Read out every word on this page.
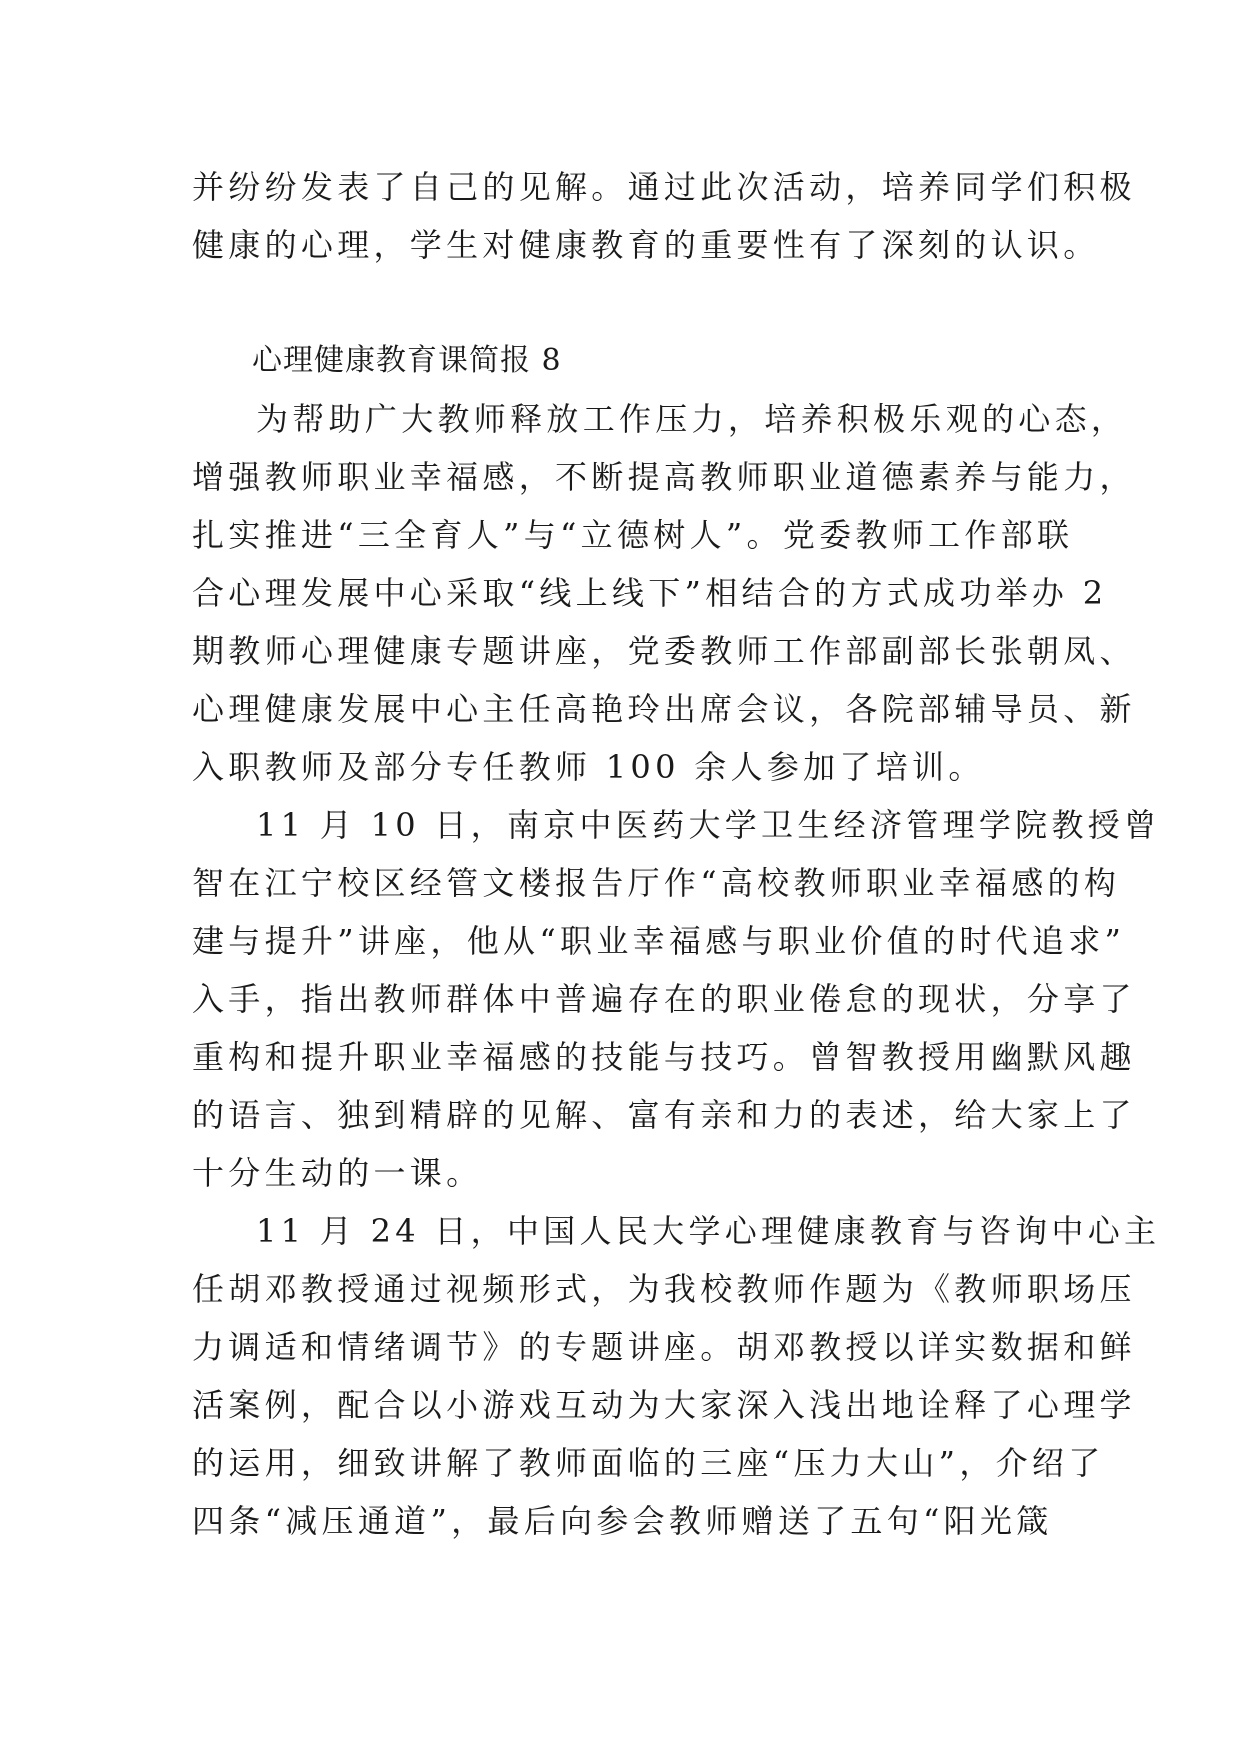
并纷纷发表了自己的见解。通过此次活动，培养同学们积极
健康的心理，学生对健康教育的重要性有了深刻的认识。
心理健康教育课简报 8
为帮助广大教师释放工作压力，培养积极乐观的心态，
增强教师职业幸福感，不断提高教师职业道德素养与能力，
扎实推进“三全育人”与“立德树人”。党委教师工作部联
合心理发展中心采取“线上线下”相结合的方式成功举办 2
期教师心理健康专题讲座，党委教师工作部副部长张朝凤、
心理健康发展中心主任高艳玲出席会议，各院部辅导员、新
入职教师及部分专任教师 100 余人参加了培训。
11 月 10 日，南京中医药大学卫生经济管理学院教授曾
智在江宁校区经管文楼报告厅作“高校教师职业幸福感的构
建与提升”讲座，他从“职业幸福感与职业价值的时代追求”
入手，指出教师群体中普遍存在的职业倦怠的现状，分享了
重构和提升职业幸福感的技能与技巧。曾智教授用幽默风趣
的语言、独到精辟的见解、富有亲和力的表述，给大家上了
十分生动的一课。
11 月 24 日，中国人民大学心理健康教育与咨询中心主
任胡邓教授通过视频形式，为我校教师作题为《教师职场压
力调适和情绪调节》的专题讲座。胡邓教授以详实数据和鲜
活案例，配合以小游戏互动为大家深入浅出地诠释了心理学
的运用，细致讲解了教师面临的三座“压力大山”，介绍了
四条“减压通道”，最后向参会教师赠送了五句“阳光箴
